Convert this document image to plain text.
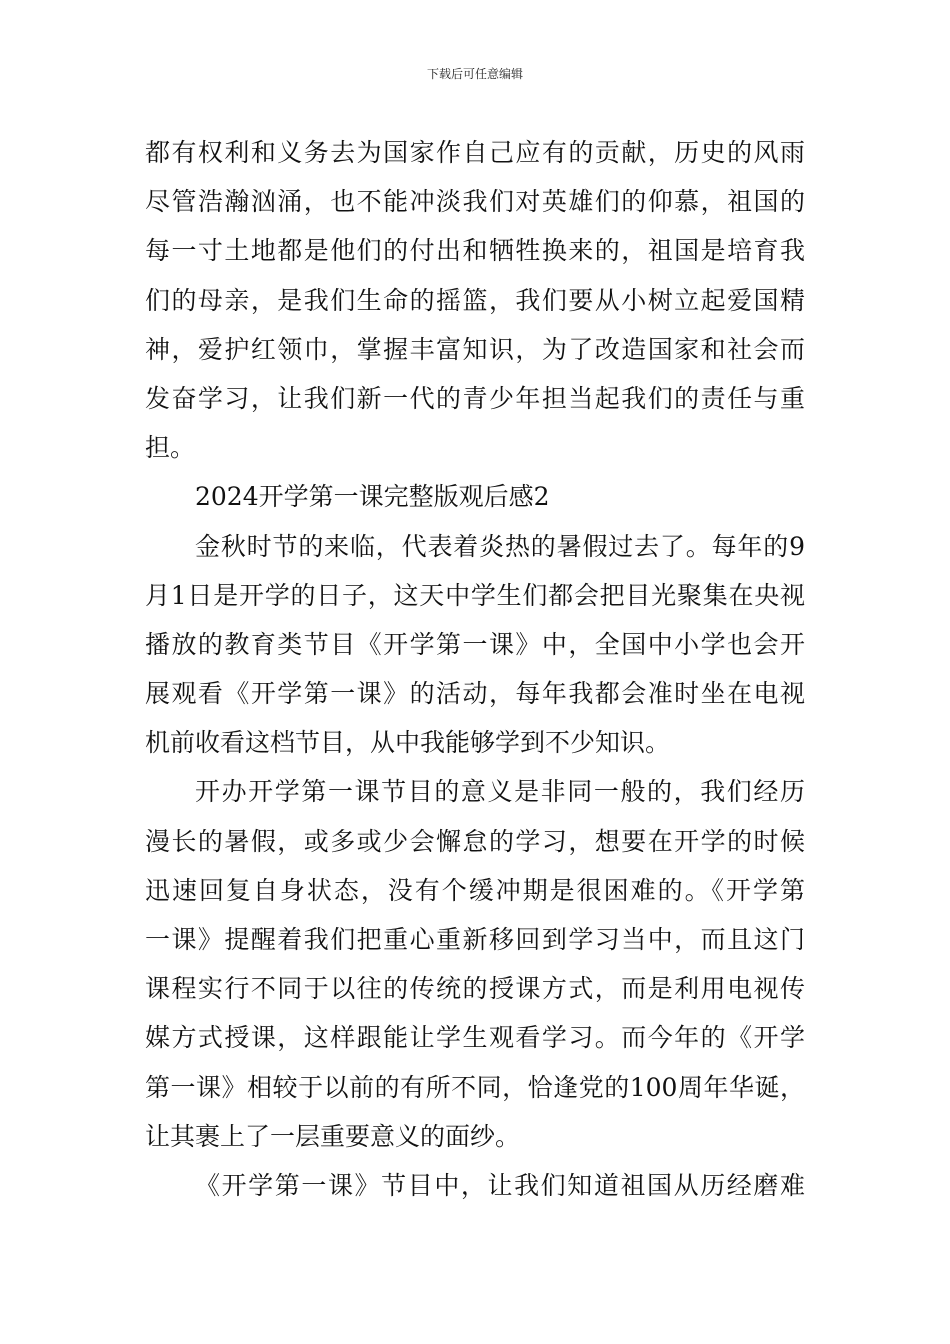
下载后可任意编辑
都有权利和义务去为国家作自己应有的贡献，历史的风雨
尽管浩瀚汹涌，也不能冲淡我们对英雄们的仰慕，祖国的
每一寸土地都是他们的付出和牺牲换来的，祖国是培育我
们的母亲，是我们生命的摇篮，我们要从小树立起爱国精
神，爱护红领巾，掌握丰富知识，为了改造国家和社会而
发奋学习，让我们新一代的青少年担当起我们的责任与重
担。
2024开学第一课完整版观后感2
金秋时节的来临，代表着炎热的暑假过去了。每年的9
月1日是开学的日子，这天中学生们都会把目光聚集在央视
播放的教育类节目《开学第一课》中，全国中小学也会开
展观看《开学第一课》的活动，每年我都会准时坐在电视
机前收看这档节目，从中我能够学到不少知识。
开办开学第一课节目的意义是非同一般的，我们经历
漫长的暑假，或多或少会懈怠的学习，想要在开学的时候
迅速回复自身状态，没有个缓冲期是很困难的。《开学第
一课》提醒着我们把重心重新移回到学习当中，而且这门
课程实行不同于以往的传统的授课方式，而是利用电视传
媒方式授课，这样跟能让学生观看学习。而今年的《开学
第一课》相较于以前的有所不同，恰逢党的100周年华诞，
让其裹上了一层重要意义的面纱。
《开学第一课》节目中，让我们知道祖国从历经磨难
